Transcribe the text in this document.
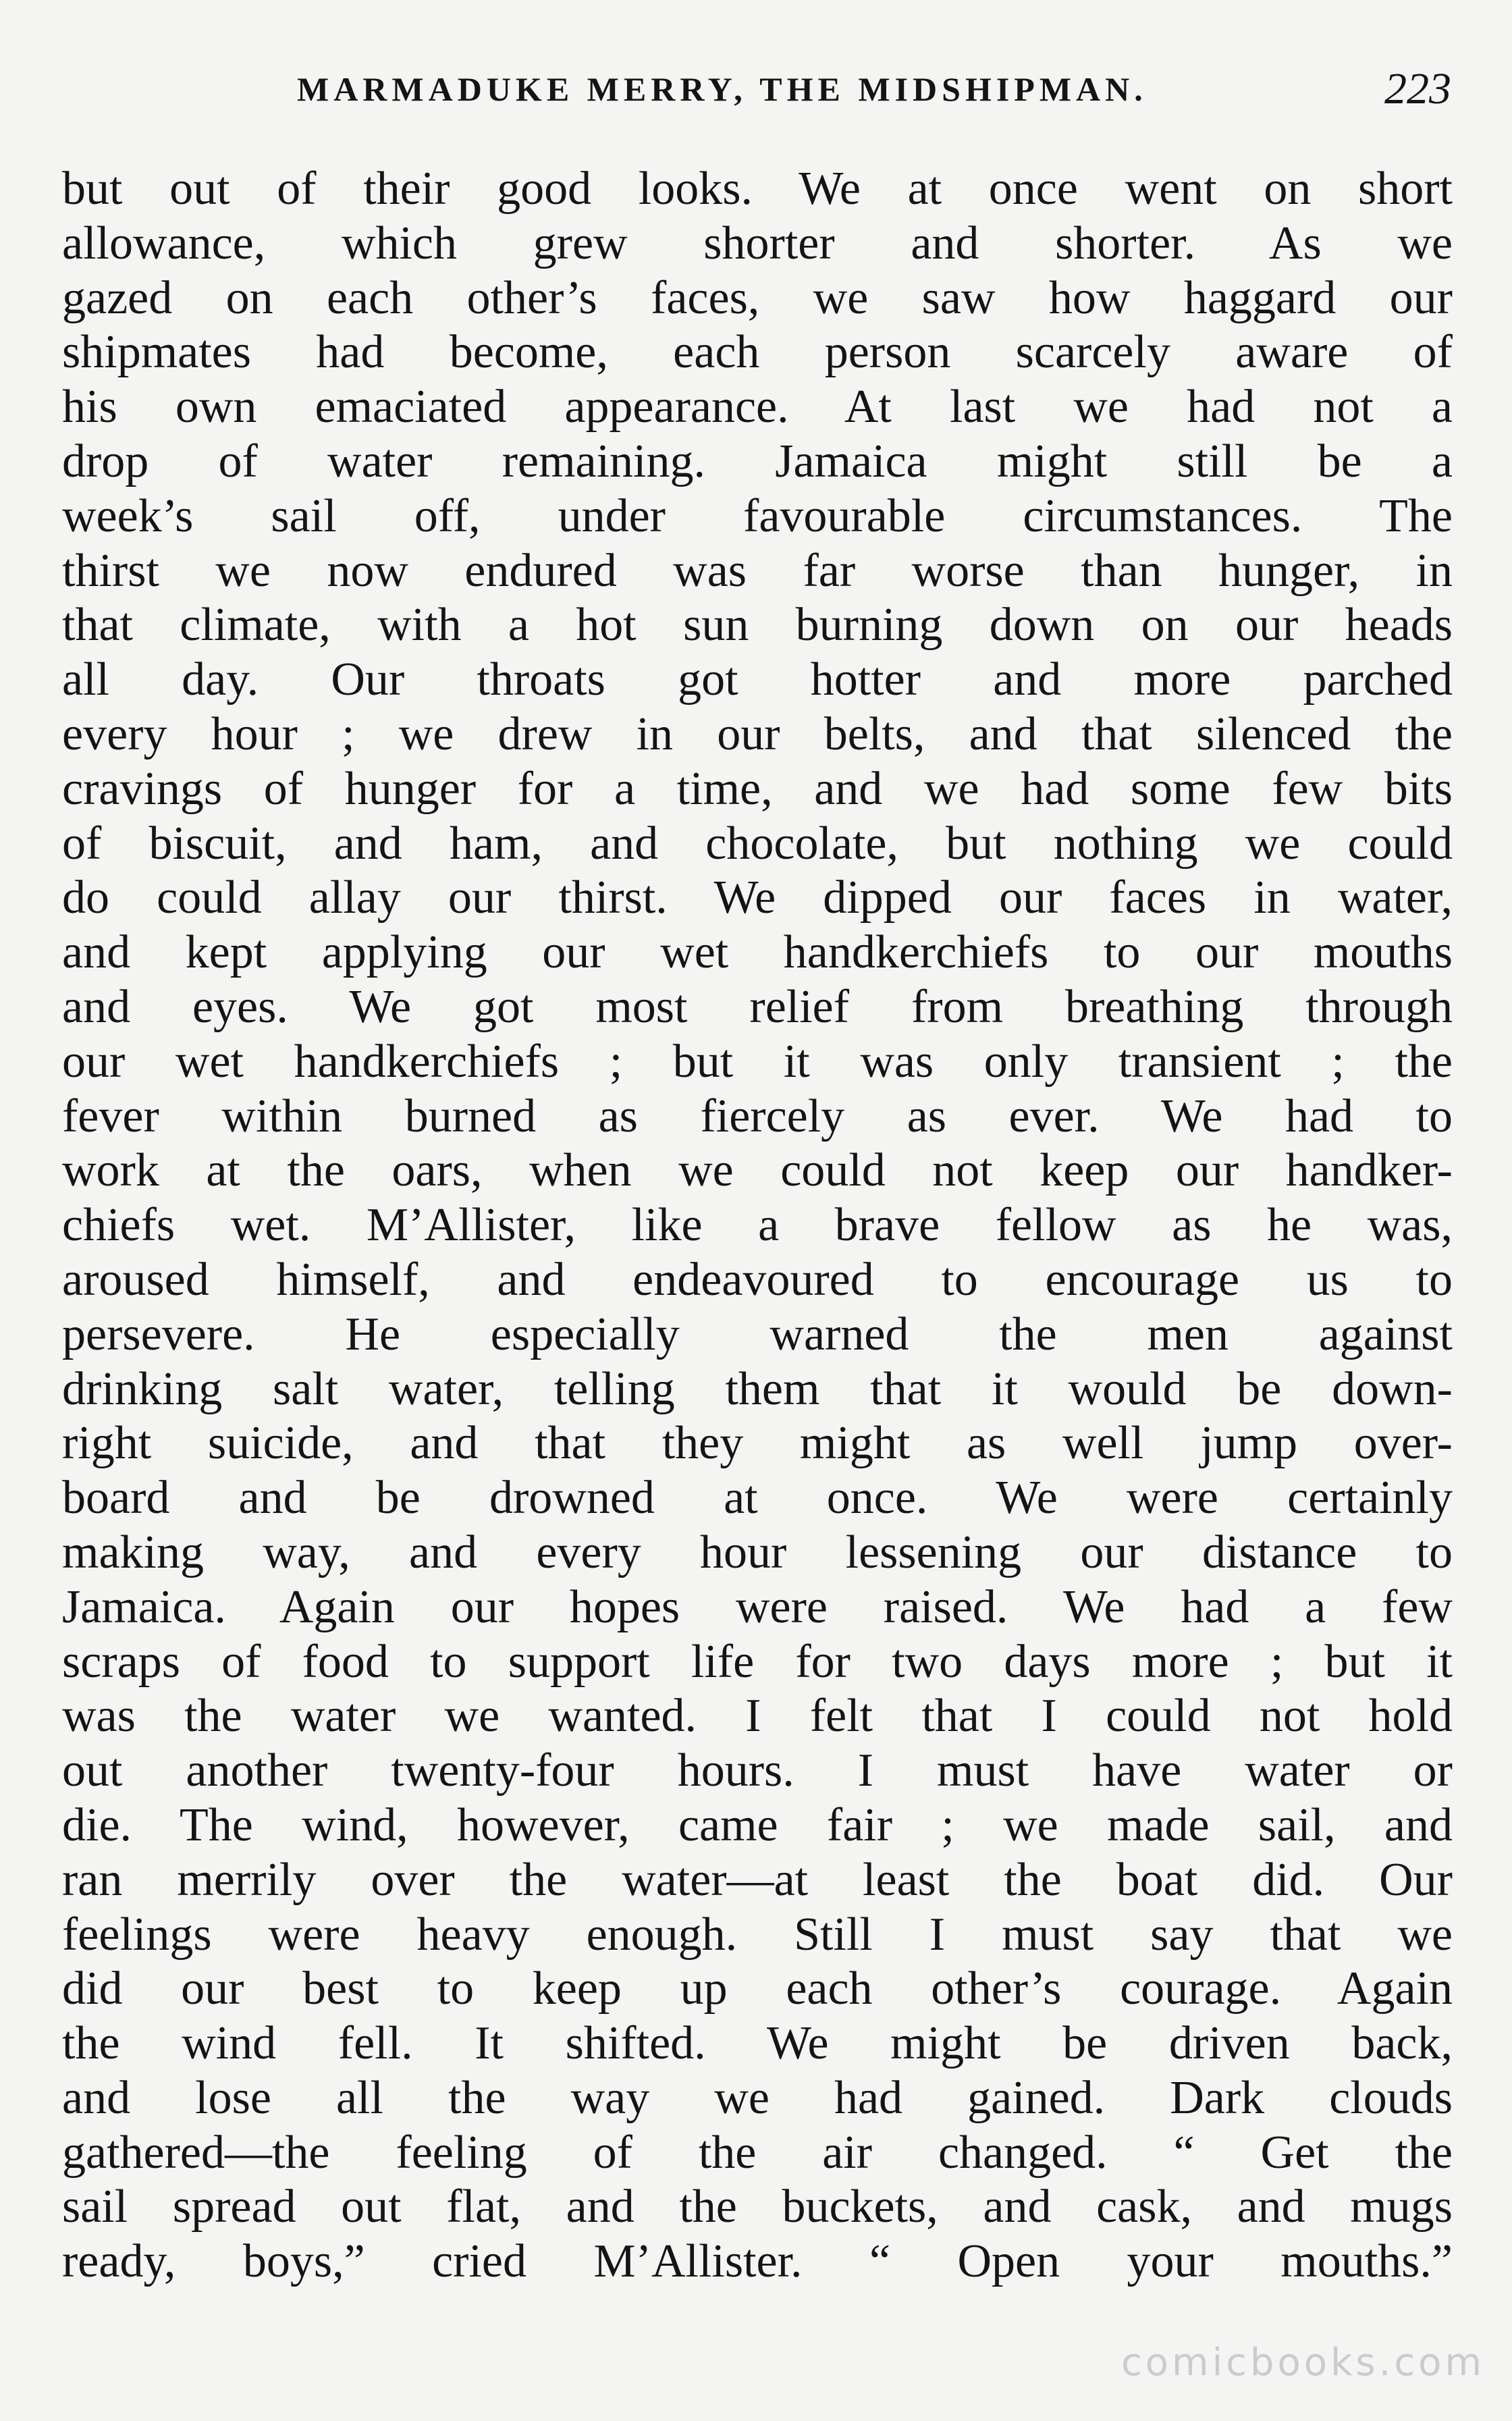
MARMADUKE MERRY, THE MIDSHIPMAN.	223
but out of their good looks. We at once went on short
allowance, which grew shorter and shorter. As we
gazed on each other’s faces, we saw how haggard our
shipmates had become, each person scarcely aware of
his own emaciated appearance. At last we had not a
drop of water remaining. Jamaica might still be a
week’s sail off, under favourable circumstances. The
thirst we now endured was far worse than hunger, in
that climate, with a hot sun burning down on our heads
all day. Our throats got hotter and more parched
every hour ; we drew in our belts, and that silenced the
cravings of hunger for a time, and we had some few bits
of biscuit, and ham, and chocolate, but nothing we could
do could allay our thirst. We dipped our faces in water,
and kept applying our wet handkerchiefs to our mouths
and eyes. We got most relief from breathing through
our wet handkerchiefs ; but it was only transient ; the
fever within burned as fiercely as ever. We had to
work at the oars, when we could not keep our handker-
chiefs wet. M’Allister, like a brave fellow as he was,
aroused himself, and endeavoured to encourage us to
persevere. He especially warned the men against
drinking salt water, telling them that it would be down-
right suicide, and that they might as well jump over-
board and be drowned at once. We were certainly
making way, and every hour lessening our distance to
Jamaica. Again our hopes were raised. We had a few
scraps of food to support life for two days more ; but it
was the water we wanted. I felt that I could not hold
out another twenty-four hours. I must have water or
die. The wind, however, came fair ; we made sail, and
ran merrily over the water—at least the boat did. Our
feelings were heavy enough. Still I must say that we
did our best to keep up each other’s courage. Again
the wind fell. It shifted. We might be driven back,
and lose all the way we had gained. Dark clouds
gathered—the feeling of the air changed. “ Get the
sail spread out flat, and the buckets, and cask, and mugs
ready, boys,” cried M’Allister. “ Open your mouths.”
comicbooks.com
